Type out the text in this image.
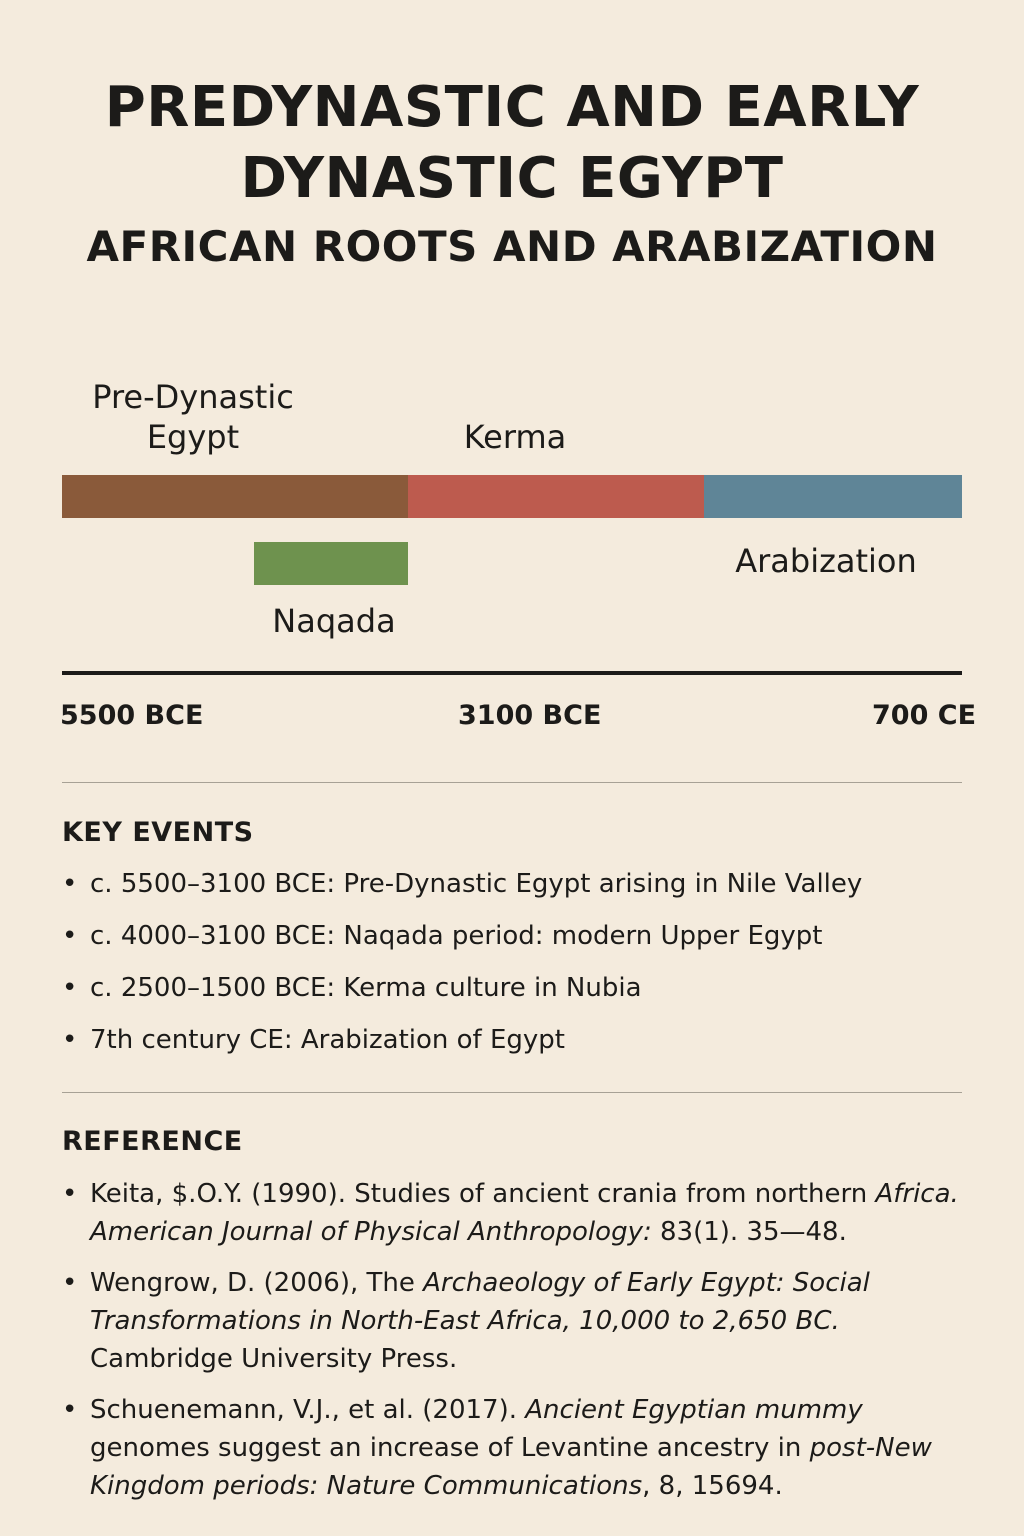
PREDYNASTIC AND EARLY
DYNASTIC EGYPT
AFRICAN ROOTS AND ARABIZATION
Pre-Dynastic
Egypt	Kerma
Arabization
Naqada
5500 BCE	3100 BCE	700 CE
KEY EVENTS
• c. 5500–3100 BCE: Pre-Dynastic Egypt arising in Nile Valley
• c. 4000–3100 BCE: Naqada period: modern Upper Egypt
• c. 2500–1500 BCE: Kerma culture in Nubia
• 7th century CE: Arabization of Egypt
REFERENCE
• Keita, $.O.Y. (1990). Studies of ancient crania from northern Africa. American Journal of Physical Anthropology: 83(1). 35—48.
• Wengrow, D. (2006), The Archaeology of Early Egypt: Social Transformations in North-East Africa, 10,000 to 2,650 BC. Cambridge University Press.
• Schuenemann, V.J., et al. (2017). Ancient Egyptian mummy genomes suggest an increase of Levantine ancestry in post-New Kingdom periods: Nature Communications, 8, 15694.
